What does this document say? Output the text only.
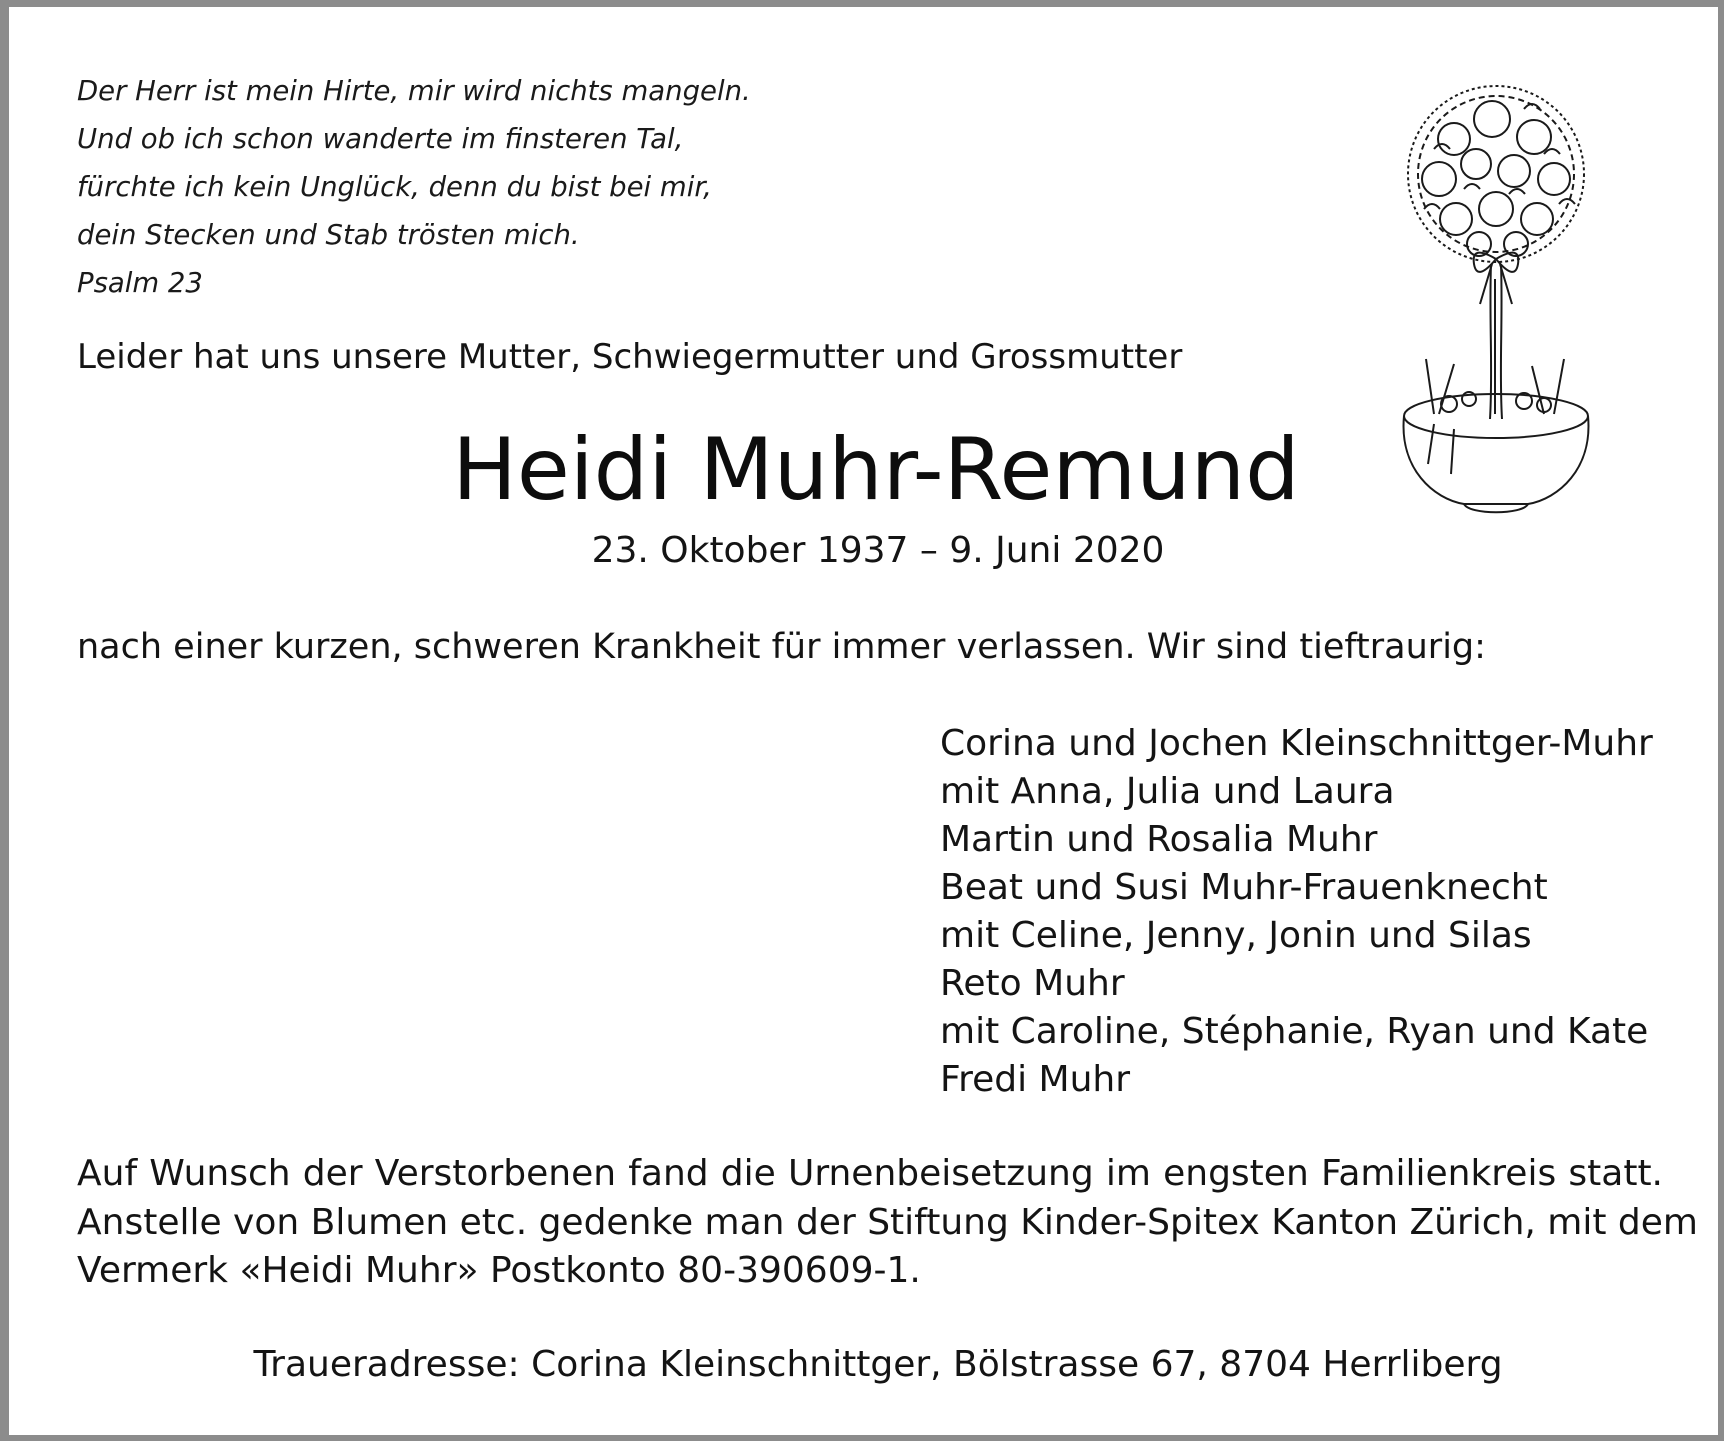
Der Herr ist mein Hirte, mir wird nichts mangeln.
Und ob ich schon wanderte im finsteren Tal,
fürchte ich kein Unglück, denn du bist bei mir,
dein Stecken und Stab trösten mich.
Psalm 23
Leider hat uns unsere Mutter, Schwiegermutter und Grossmutter
Heidi Muhr-Remund
23. Oktober 1937 – 9. Juni 2020
nach einer kurzen, schweren Krankheit für immer verlassen. Wir sind tieftraurig:
Corina und Jochen Kleinschnittger-Muhr
mit Anna, Julia und Laura
Martin und Rosalia Muhr
Beat und Susi Muhr-Frauenknecht
mit Celine, Jenny, Jonin und Silas
Reto Muhr
mit Caroline, Stéphanie, Ryan und Kate
Fredi Muhr
Auf Wunsch der Verstorbenen fand die Urnenbeisetzung im engsten Familienkreis statt.
Anstelle von Blumen etc. gedenke man der Stiftung Kinder-Spitex Kanton Zürich, mit dem
Vermerk «Heidi Muhr» Postkonto 80-390609-1.
Traueradresse: Corina Kleinschnittger, Bölstrasse 67, 8704 Herrliberg
